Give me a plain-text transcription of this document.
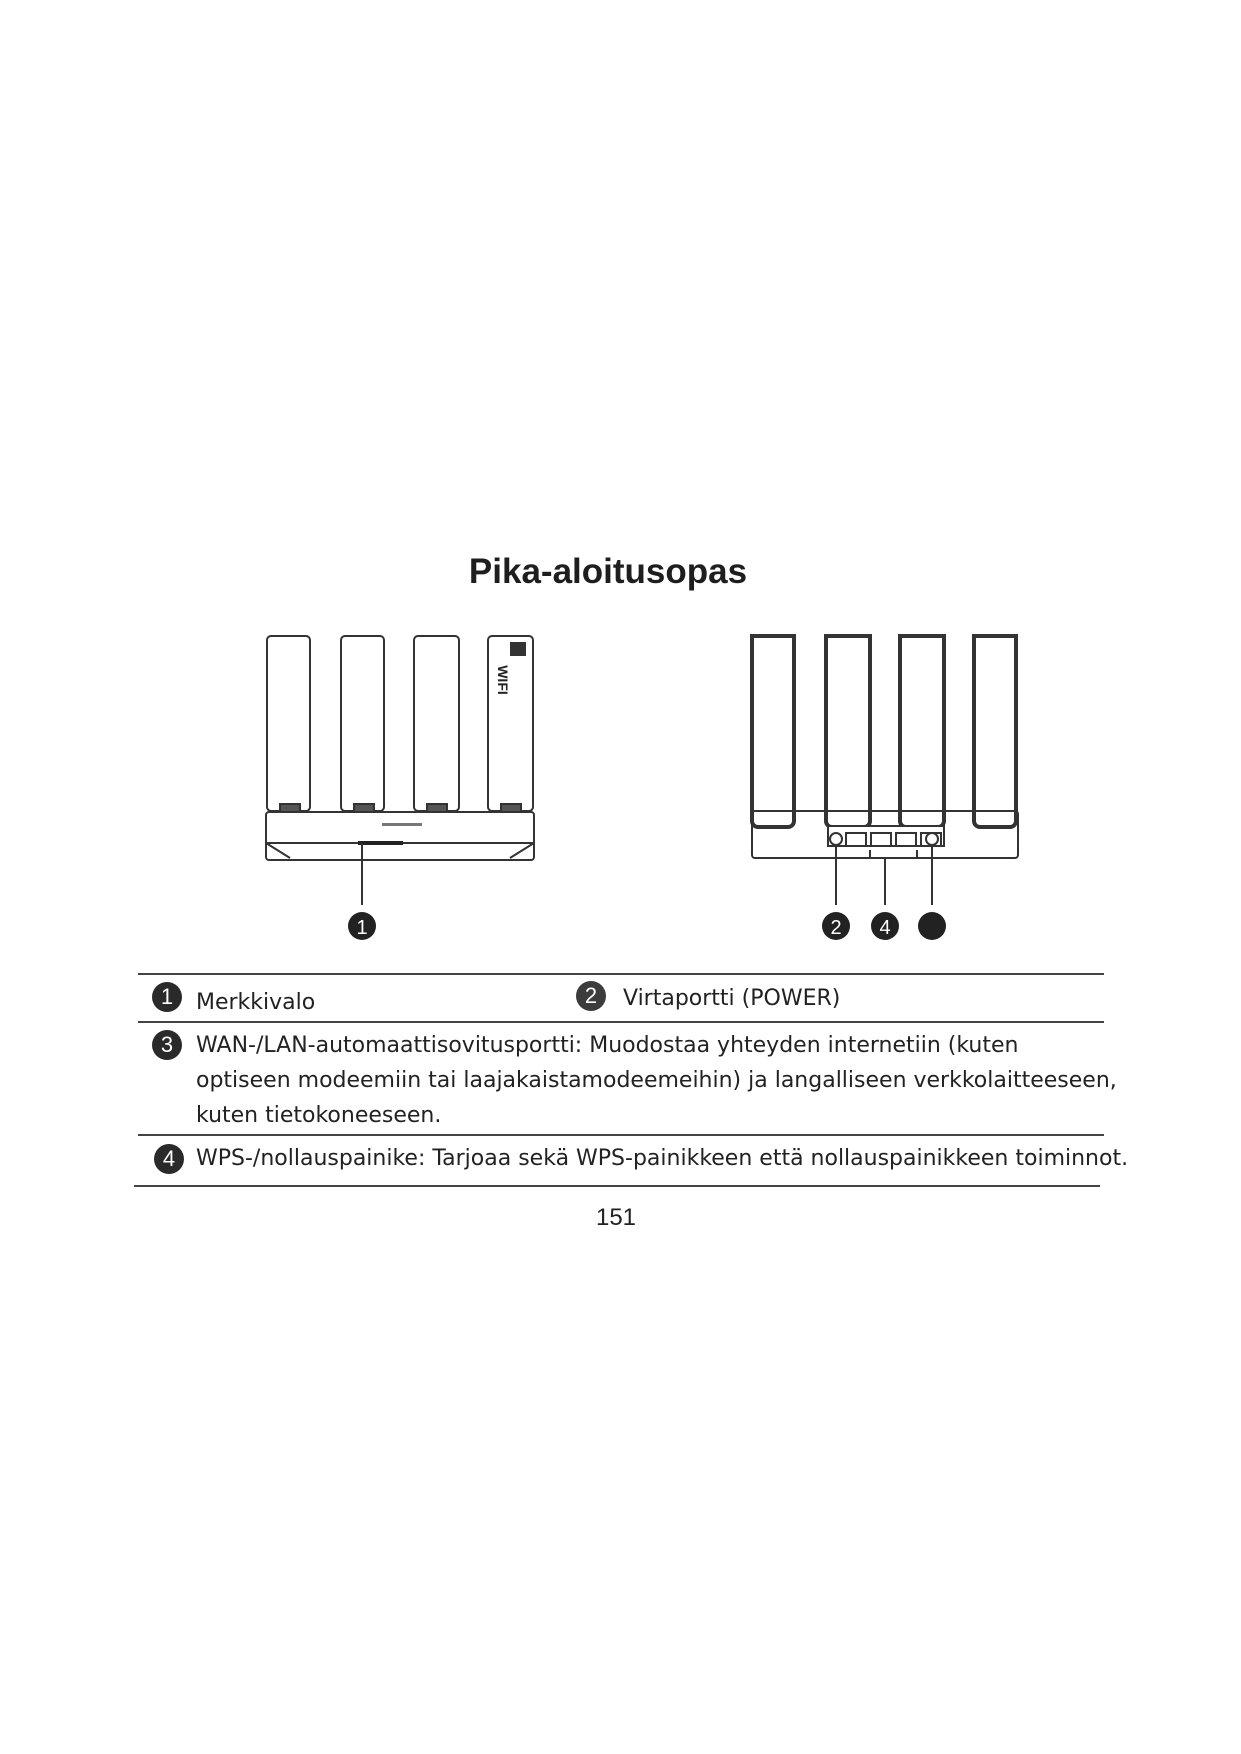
Pika-aloitusopas
WIFI
1	2 4
1	Merkkivalo	2	Virtaportti (POWER)
3	WAN-/LAN-automaattisovitusportti: Muodostaa yhteyden internetiin (kuten
optiseen modeemiin tai laajakaistamodeemeihin) ja langalliseen verkkolaitteeseen,
kuten tietokoneeseen.
4 WPS-/nollauspainike: Tarjoaa sekä WPS-painikkeen että nollauspainikkeen toiminnot.
151
